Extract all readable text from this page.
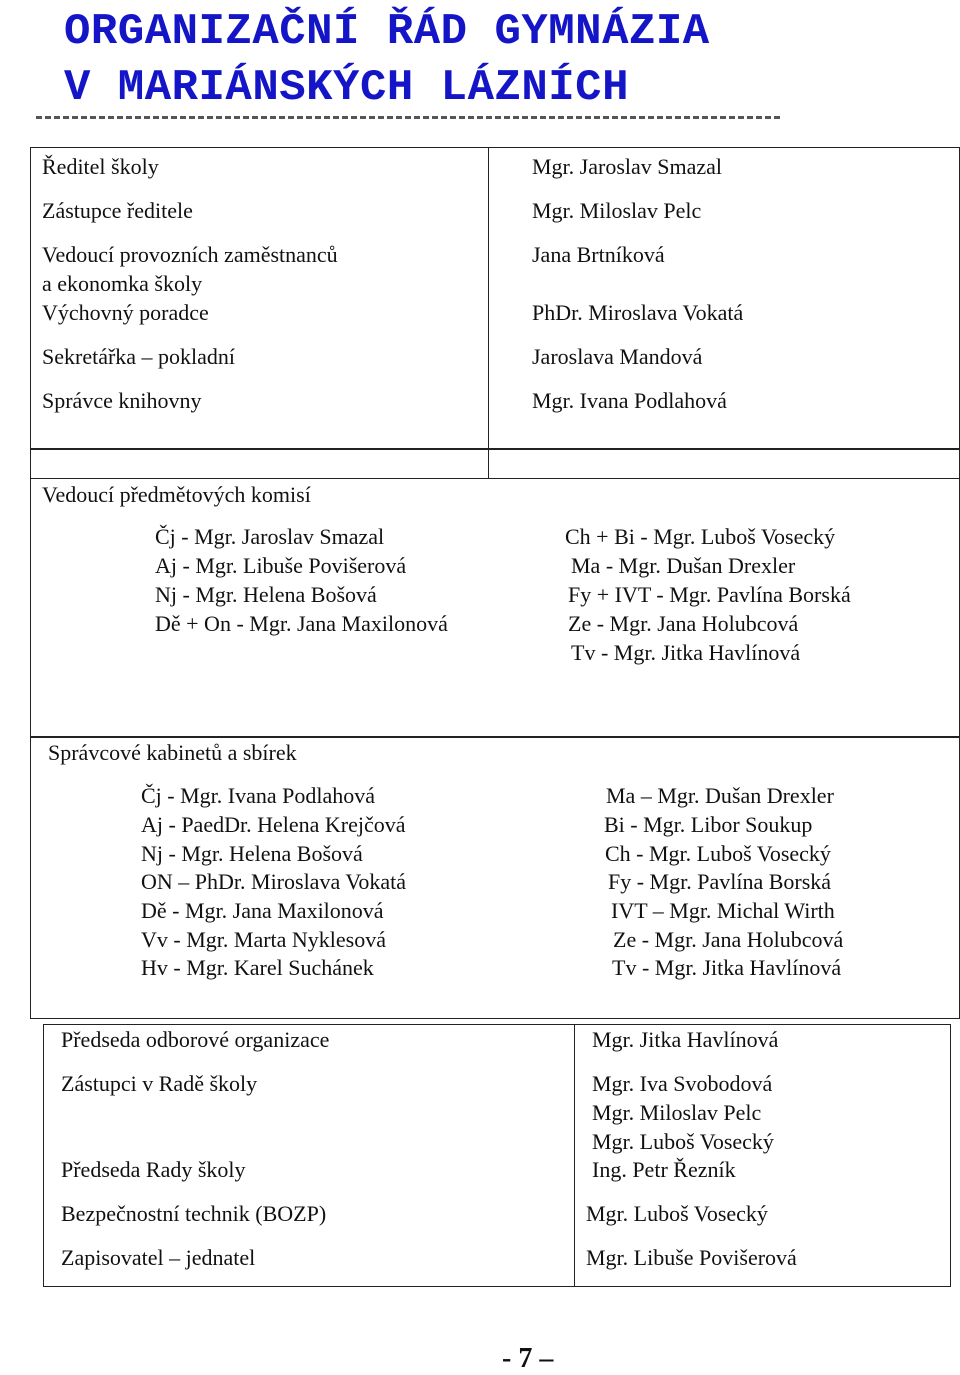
ORGANIZAČNÍ ŘÁD GYMNÁZIA
V MARIÁNSKÝCH LÁZNÍCH
Ředitel školy	Mgr. Jaroslav Smazal
Zástupce ředitele	Mgr. Miloslav Pelc
Vedoucí provozních zaměstnanců
a ekonomka školy
Jana Brtníková
Výchovný poradce	PhDr. Miroslava Vokatá
Sekretářka – pokladní	Jaroslava Mandová
Správce knihovny	Mgr. Ivana Podlahová
Vedoucí předmětových komisí
Čj - Mgr. Jaroslav Smazal
Aj - Mgr. Libuše Povišerová
Nj - Mgr. Helena Bošová
Dě + On - Mgr. Jana Maxilonová
Ch + Bi - Mgr. Luboš Vosecký
Ma - Mgr. Dušan Drexler
Fy + IVT - Mgr. Pavlína Borská
Ze - Mgr. Jana Holubcová
Tv - Mgr. Jitka Havlínová
Správcové kabinetů a sbírek
Čj - Mgr. Ivana Podlahová
Aj - PaedDr. Helena Krejčová
Nj - Mgr. Helena Bošová
ON – PhDr. Miroslava Vokatá
Dě - Mgr. Jana Maxilonová
Vv - Mgr. Marta Nyklesová
Hv - Mgr. Karel Suchánek
Ma – Mgr. Dušan Drexler
Bi - Mgr. Libor Soukup
Ch - Mgr. Luboš Vosecký
Fy - Mgr. Pavlína Borská
IVT – Mgr. Michal Wirth
Ze - Mgr. Jana Holubcová
Tv - Mgr. Jitka Havlínová
Předseda odborové organizace	Mgr. Jitka Havlínová
Zástupci v Radě školy	Mgr. Iva Svobodová
Mgr. Miloslav Pelc
Mgr. Luboš Vosecký
Předseda Rady školy	Ing. Petr Řezník
Bezpečnostní technik (BOZP)	Mgr. Luboš Vosecký
Zapisovatel – jednatel	Mgr. Libuše Povišerová
- 7 –
